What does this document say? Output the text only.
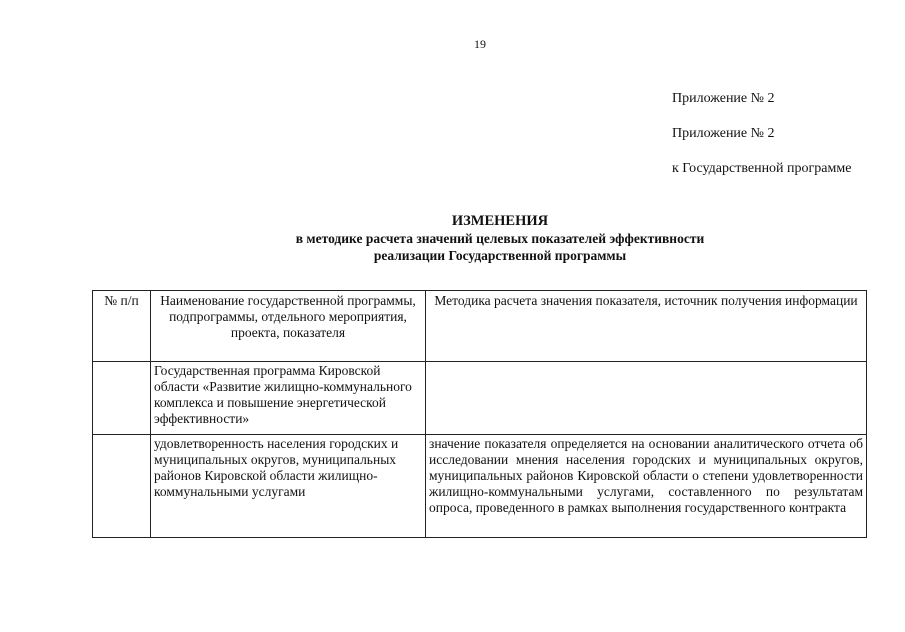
19
Приложение № 2
Приложение № 2
к Государственной программе
ИЗМЕНЕНИЯ
в методике расчета значений целевых показателей эффективности
реализации Государственной программы
№ п/п	Наименование государственной программы, подпрограммы, отдельного мероприятия, проекта, показателя	Методика расчета значения показателя, источник получения информации
	Государственная программа Кировской области «Развитие жилищно-коммунального комплекса и повышение энергетической эффективности»	
	удовлетворенность населения городских и муниципальных округов, муниципальных районов Кировской области жилищно-коммунальными услугами	значение показателя определяется на основании аналитического отчета об исследовании мнения населения городских и муниципальных округов, муниципальных районов Кировской области о степени удовлетворенности жилищно-коммунальными услугами, составленного по результатам опроса, проведенного в рамках выполнения государственного контракта
